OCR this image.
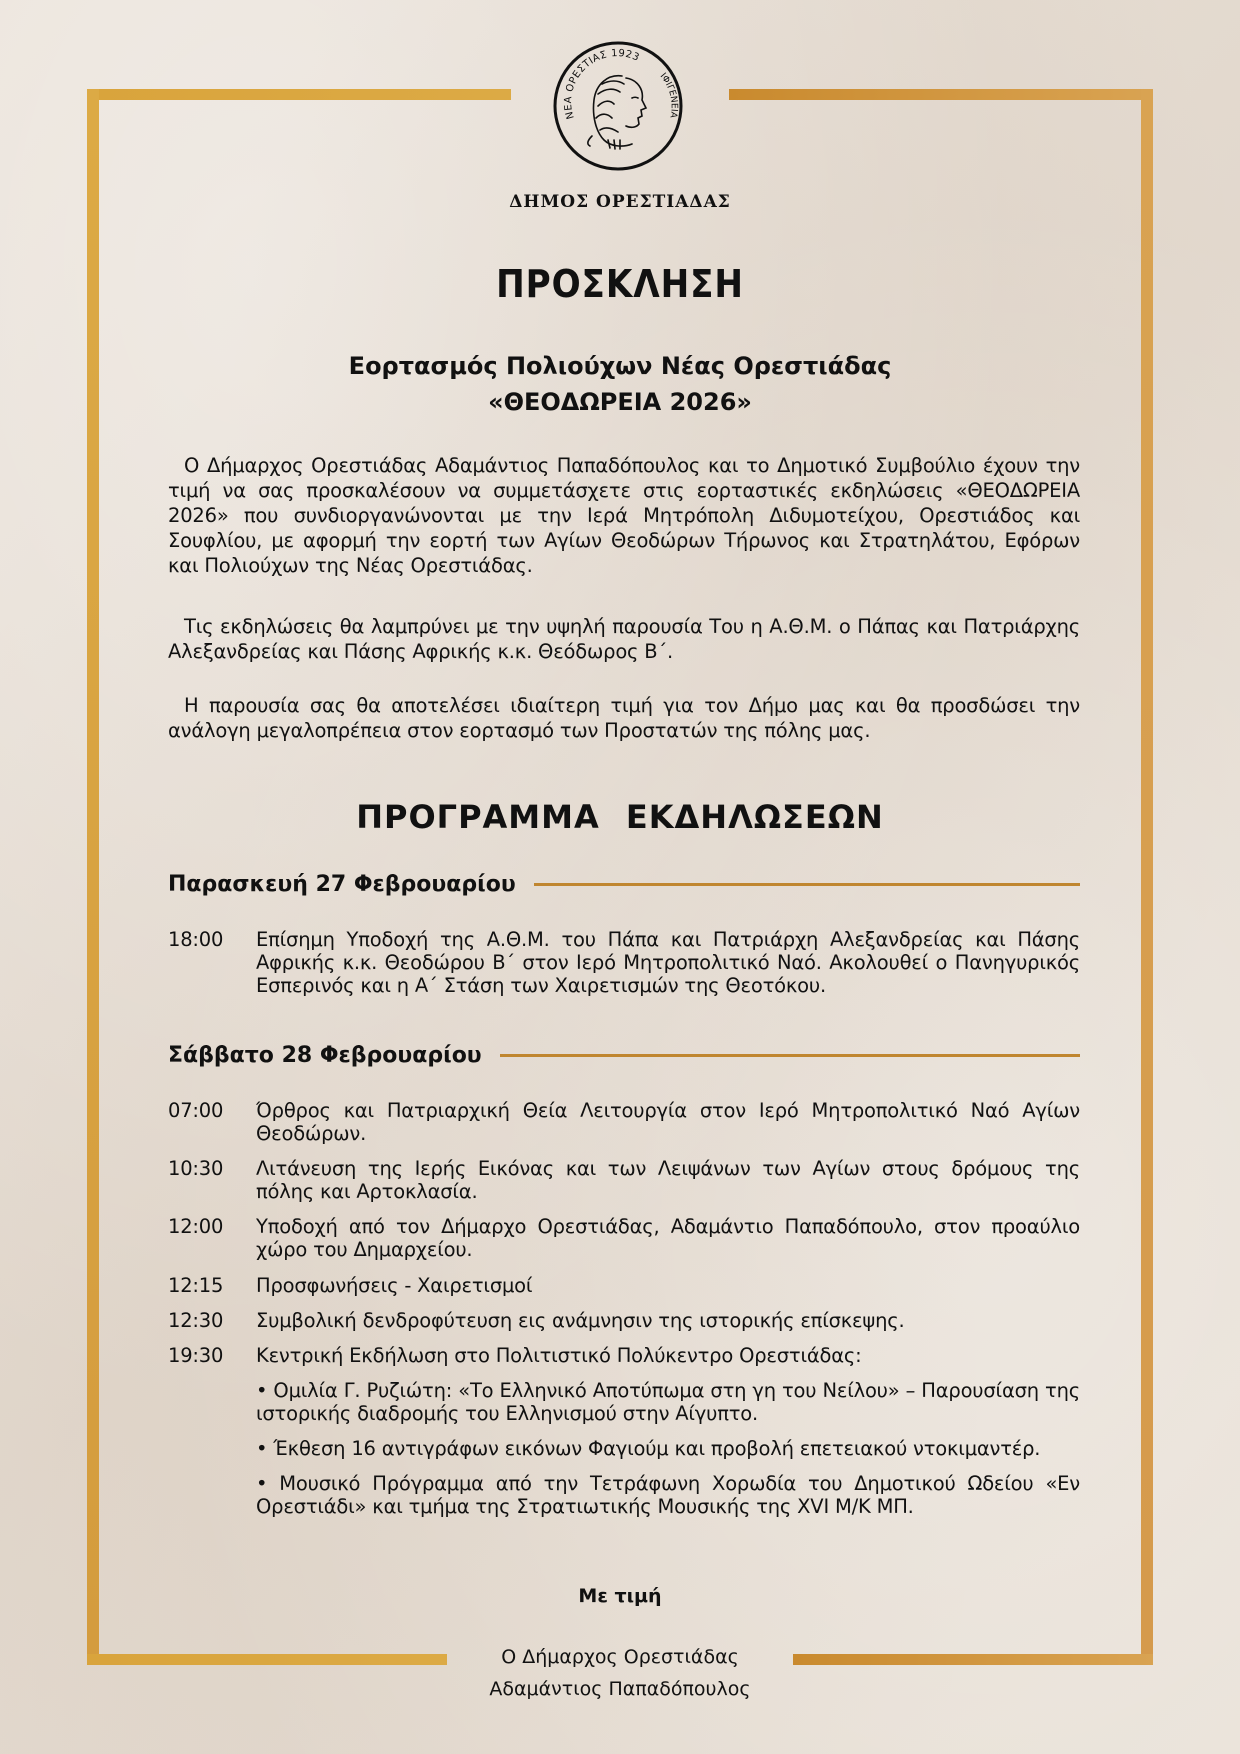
ΝΕΑ ΟΡΕΣΤΙΑΣ 1923
ΙΦΙΓΕΝΕΙΑ
ΔΗΜΟΣ ΟΡΕΣΤΙΑΔΑΣ
ΠΡΟΣΚΛΗΣΗ
Εορτασμός Πολιούχων Νέας Ορεστιάδας
«ΘΕΟΔΩΡΕΙΑ 2026»

Ο Δήμαρχος Ορεστιάδας Αδαμάντιος Παπαδόπουλος και το Δημοτικό Συμβούλιο έχουν την τιμή να σας προσκαλέσουν να συμμετάσχετε στις εορταστικές εκδηλώσεις «ΘΕΟΔΩΡΕΙΑ 2026» που συνδιοργανώνονται με την Ιερά Μητρόπολη Διδυμοτείχου, Ορεστιάδος και Σουφλίου, με αφορμή την εορτή των Αγίων Θεοδώρων Τήρωνος και Στρατηλάτου, Εφόρων και Πολιούχων της Νέας Ορεστιάδας.

Τις εκδηλώσεις θα λαμπρύνει με την υψηλή παρουσία Του η Α.Θ.Μ. ο Πάπας και Πατριάρχης Αλεξανδρείας και Πάσης Αφρικής κ.κ. Θεόδωρος Β΄.

Η παρουσία σας θα αποτελέσει ιδιαίτερη τιμή για τον Δήμο μας και θα προσδώσει την ανάλογη μεγαλοπρέπεια στον εορτασμό των Προστατών της πόλης μας.

ΠΡΟΓΡΑΜΜΑ ΕΚΔΗΛΩΣΕΩΝ
Παρασκευή 27 Φεβρουαρίου
18:00	Επίσημη Υποδοχή της Α.Θ.Μ. του Πάπα και Πατριάρχη Αλεξανδρείας και Πάσης Αφρικής κ.κ. Θεοδώρου Β΄ στον Ιερό Μητροπολιτικό Ναό. Ακολουθεί ο Πανηγυρικός Εσπερινός και η Α΄ Στάση των Χαιρετισμών της Θεοτόκου.
Σάββατο 28 Φεβρουαρίου
07:00	Όρθρος και Πατριαρχική Θεία Λειτουργία στον Ιερό Μητροπολιτικό Ναό Αγίων Θεοδώρων.
10:30	Λιτάνευση της Ιερής Εικόνας και των Λειψάνων των Αγίων στους δρόμους της πόλης και Αρτοκλασία.
12:00	Υποδοχή από τον Δήμαρχο Ορεστιάδας, Αδαμάντιο Παπαδόπουλο, στον προαύλιο χώρο του Δημαρχείου.
12:15	Προσφωνήσεις - Χαιρετισμοί
12:30	Συμβολική δενδροφύτευση εις ανάμνησιν της ιστορικής επίσκεψης.
19:30	Κεντρική Εκδήλωση στο Πολιτιστικό Πολύκεντρο Ορεστιάδας:
• Ομιλία Γ. Ρυζιώτη: «Το Ελληνικό Αποτύπωμα στη γη του Νείλου» – Παρουσίαση της ιστορικής διαδρομής του Ελληνισμού στην Αίγυπτο.
• Έκθεση 16 αντιγράφων εικόνων Φαγιούμ και προβολή επετειακού ντοκιμαντέρ.
• Μουσικό Πρόγραμμα από την Τετράφωνη Χορωδία του Δημοτικού Ωδείου «Εν Ορεστιάδι» και τμήμα της Στρατιωτικής Μουσικής της XVI Μ/Κ ΜΠ.
Με τιμή
Ο Δήμαρχος Ορεστιάδας
Αδαμάντιος Παπαδόπουλος
